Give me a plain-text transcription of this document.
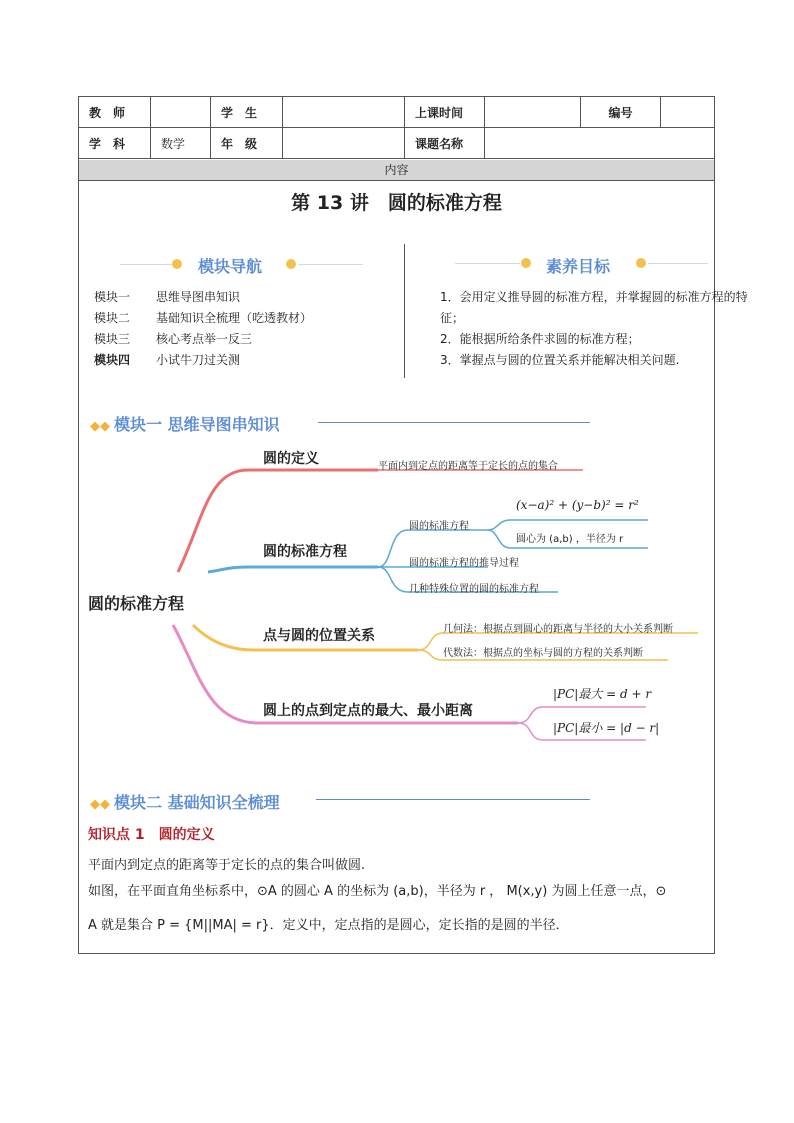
教　师		学　生		上课时间		编号	
学　科	数学	年　级		课题名称			
内容
第 13 讲　圆的标准方程
模块导航	素养目标
模块一 思维导图串知识
模块二 基础知识全梳理（吃透教材）
模块三 核心考点举一反三
模块四 小试牛刀过关测
1．会用定义推导圆的标准方程，并掌握圆的标准方程的特征；
2．能根据所给条件求圆的标准方程；
3．掌握点与圆的位置关系并能解决相关问题.
◆◆ 模块一 思维导图串知识
圆的标准方程
圆的定义	平面内到定点的距离等于定长的点的集合
圆的标准方程
圆的标准方程
(x−a)² + (y−b)² = r²
圆心为 (a,b) ，半径为 r
圆的标准方程的推导过程
几种特殊位置的圆的标准方程
点与圆的位置关系	几何法：根据点到圆心的距离与半径的大小关系判断
代数法：根据点的坐标与圆的方程的关系判断
圆上的点到定点的最大、最小距离
|PC|最大 = d + r
|PC|最小 = |d − r|
◆◆ 模块二 基础知识全梳理
知识点 1　圆的定义
平面内到定点的距离等于定长的点的集合叫做圆.
如图，在平面直角坐标系中，⊙A 的圆心 A 的坐标为 (a,b)，半径为 r ， M(x,y) 为圆上任意一点，⊙
A 就是集合 P = {M||MA| = r}．定义中，定点指的是圆心，定长指的是圆的半径．
